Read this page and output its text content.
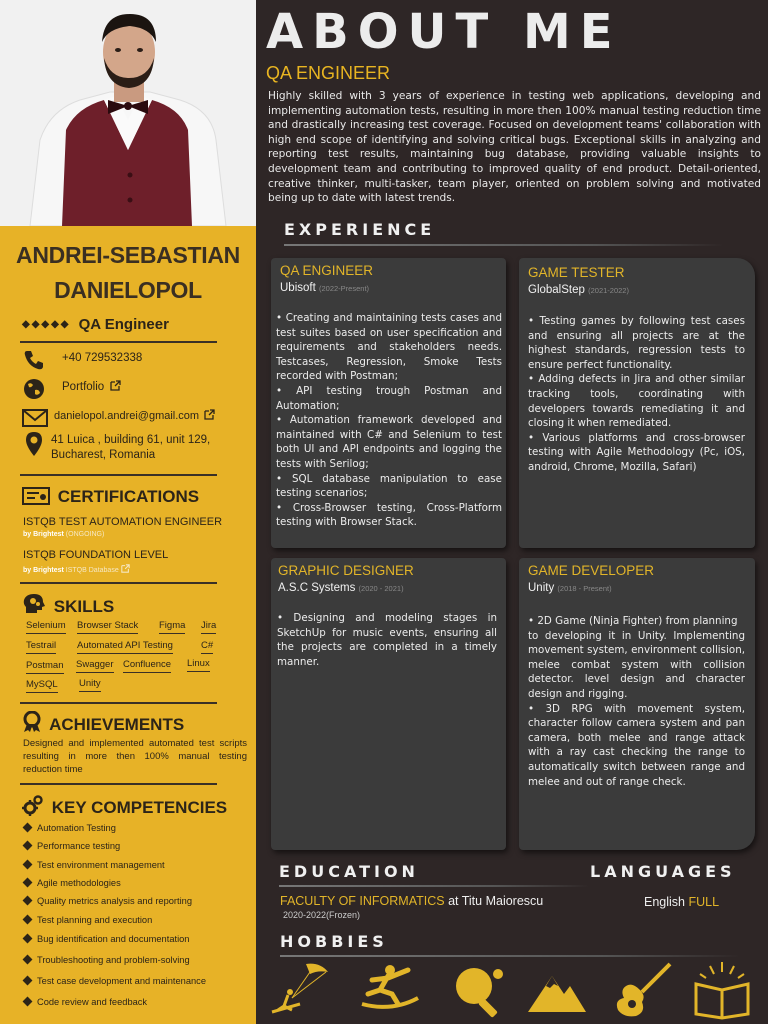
ANDREI-SEBASTIAN
DANIELOPOL
◆◆◆◆◆ QA Engineer
+40 729532338
Portfolio
danielopol.andrei@gmail.com
41 Luica , building 61, unit 129,
Bucharest, Romania
CERTIFICATIONS
ISTQB TEST AUTOMATION ENGINEER
by Brightest (ONGOING)
ISTQB FOUNDATION LEVEL
by Brightest ISTQB Database
SKILLS
Selenium Browser Stack Figma Jira
Testrail Automated API Testing	C#
Postman Swagger Confluence Linux
MySQL Unity
ACHIEVEMENTS
Designed and implemented automated test scripts resulting in more then 100% manual testing reduction time
KEY COMPETENCIES
Automation Testing
Performance testing
Test environment management
Agile methodologies
Quality metrics analysis and reporting
Test planning and execution
Bug identification and documentation
Troubleshooting and problem-solving
Test case development and maintenance
Code review and feedback
ABOUT ME
QA ENGINEER
Highly skilled with 3 years of experience in testing web applications, developing and implementing automation tests, resulting in more then 100% manual testing reduction time and drastically increasing test coverage. Focused on development teams' collaboration with high end scope of identifying and solving critical bugs. Exceptional skills in analyzing and reporting test results, maintaining bug database, providing valuable insights to development team and contributing to improved quality of end product. Detail-oriented, creative thinker, multi-tasker, team player, oriented on problem solving and motivated being up to date with latest trends.
EXPERIENCE
QA ENGINEER
Ubisoft (2022-Present)

• Creating and maintaining tests cases and test suites based on user specification and requirements and stakeholders needs. Testcases, Regression, Smoke Tests recorded with Postman;

• API testing trough Postman and Automation;

• Automation framework developed and maintained with C# and Selenium to test both UI and API endpoints and logging the tests with Serilog;

• SQL database manipulation to ease testing scenarios;

• Cross-Browser testing, Cross-Platform testing with Browser Stack.

GAME TESTER
GlobalStep (2021-2022)

• Testing games by following test cases and ensuring all projects are at the highest standards, regression tests to ensure perfect functionality.

• Adding defects in Jira and other similar tracking tools, coordinating with developers towards remediating it and closing it when remediated.

• Various platforms and cross-browser testing with Agile Methodology (Pc, iOS, android, Chrome, Mozilla, Safari)

GRAPHIC DESIGNER
A.S.C Systems (2020 - 2021)

• Designing and modeling stages in SketchUp for music events, ensuring all the projects are completed in a timely manner.

GAME DEVELOPER
Unity (2018 - Present)

• 2D Game (Ninja Fighter) from planning

to developing it in Unity. Implementing movement system, environment collision, melee combat system with collision detector. level design and character design and rigging.

• 3D RPG with movement system, character follow camera system and pan camera, both melee and range attack with a ray cast checking the range to automatically switch between range and melee and out of range check.

EDUCATION
FACULTY OF INFORMATICS at Titu Maiorescu
2020-2022(Frozen)
LANGUAGES
English FULL
HOBBIES
